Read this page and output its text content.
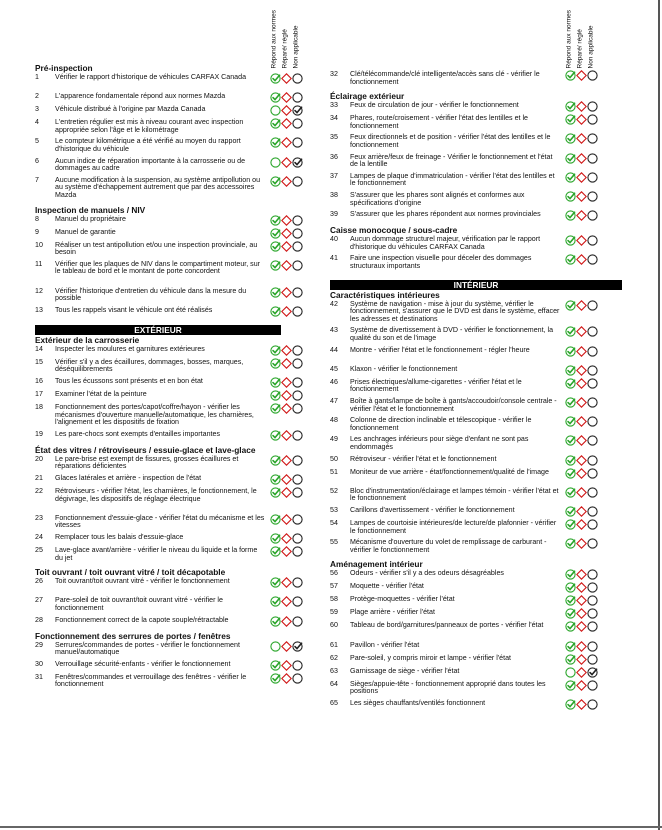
Pré-inspection
1	Vérifier le rapport d'historique de véhicules CARFAX Canada
2	L'apparence fondamentale répond aux normes Mazda
3	Véhicule distribué à l'origine par Mazda Canada
4	L'entretien régulier est mis à niveau courant avec inspection appropriée selon l'âge et le kilométrage
5	Le compteur kilométrique a été vérifié au moyen du rapport d'historique du véhicule
6	Aucun indice de réparation importante à la carrosserie ou de dommages au cadre
7	Aucune modification à la suspension, au système antipollution ou au système d'échappement autrement que par des accessoires Mazda
Inspection de manuels / NIV
8	Manuel du propriétaire
9	Manuel de garantie
10	Réaliser un test antipollution et/ou une inspection provinciale, au besoin
11	Vérifier que les plaques de NIV dans le compartiment moteur, sur le tableau de bord et le montant de porte concordent
12	Vérifier l'historique d'entretien du véhicule dans la mesure du possible
13	Tous les rappels visant le véhicule ont été réalisés
EXTÉRIEUR
Extérieur de la carrosserie
14	Inspecter les moulures et garnitures extérieures
15	Vérifier s'il y a des écaillures, dommages, bosses, marques, déséquilibrements
16	Tous les écussons sont présents et en bon état
17	Examiner l'état de la peinture
18	Fonctionnement des portes/capot/coffre/hayon - vérifier les mécanismes d'ouverture manuelle/automatique, les charnières, l'alignement et les dispositifs de fixation
19	Les pare-chocs sont exempts d'entailles importantes
État des vitres / rétroviseurs / essuie-glace et lave-glace
20	Le pare-brise est exempt de fissures, grosses écaillures et réparations déficientes
21	Glaces latérales et arrière - inspection de l'état
22	Rétroviseurs - vérifier l'état, les charnières, le fonctionnement, le dégivrage, les dispositifs de réglage électrique
23	Fonctionnement d'essuie-glace - vérifier l'état du mécanisme et les vitesses
24	Remplacer tous les balais d'essuie-glace
25	Lave-glace avant/arrière - vérifier le niveau du liquide et la forme du jet
Toit ouvrant / toit ouvrant vitré / toit décapotable
26	Toit ouvrant/toit ouvrant vitré - vérifier le fonctionnement
27	Pare-soleil de toit ouvrant/toit ouvrant vitré - vérifier le fonctionnement
28	Fonctionnement correct de la capote souple/rétractable
Fonctionnement des serrures de portes / fenêtres
29	Serrures/commandes de portes - vérifier le fonctionnement manuel/automatique
30	Verrouillage sécurité-enfants - vérifier le fonctionnement
31	Fenêtres/commandes et verrouillage des fenêtres - vérifier le fonctionnement
32	Clé/télécommande/clé intelligente/accès sans clé - vérifier le fonctionnement
Éclairage extérieur
33	Feux de circulation de jour - vérifier le fonctionnement
34	Phares, route/croisement - vérifier l'état des lentilles et le fonctionnement
35	Feux directionnels et de position - vérifier l'état des lentilles et le fonctionnement
36	Feux arrière/feux de freinage - Vérifier le fonctionnement et l'état de la lentille
37	Lampes de plaque d'immatriculation - vérifier l'état des lentilles et le fonctionnement
38	S'assurer que les phares sont alignés et conformes aux spécifications d'origine
39	S'assurer que les phares répondent aux normes provinciales
Caisse monocoque / sous-cadre
40	Aucun dommage structurel majeur, vérification par le rapport d'historique du véhicules CARFAX Canada
41	Faire une inspection visuelle pour déceler des dommages structuraux importants
INTÉRIEUR
Caractéristiques intérieures
42	Système de navigation - mise à jour du système, vérifier le fonctionnement, s'assurer que le DVD est dans le système, effacer les adresses et destinations
43	Système de divertissement à DVD - vérifier le fonctionnement, la qualité du son et de l'image
44	Montre - vérifier l'état et le fonctionnement - régler l'heure
45	Klaxon - vérifier le fonctionnement
46	Prises électriques/allume-cigarettes - vérifier l'état et le fonctionnement
47	Boîte à gants/lampe de boîte à gants/accoudoir/console centrale - vérifier l'état et le fonctionnement
48	Colonne de direction inclinable et télescopique - vérifier le fonctionnement
49	Les anchrages inférieurs pour siège d'enfant ne sont pas endommagés
50	Rétroviseur - vérifier l'état et le fonctionnement
51	Moniteur de vue arrière - état/fonctionnement/qualité de l'image
52	Bloc d'instrumentation/éclairage et lampes témoin - vérifier l'état et le fonctionnement
53	Carillons d'avertissement - vérifier le fonctionnement
54	Lampes de courtoisie intérieures/de lecture/de plafonnier - vérifier le fonctionnement
55	Mécanisme d'ouverture du volet de remplissage de carburant - vérifier le fonctionnement
Aménagement intérieur
56	Odeurs - vérifier s'il y a des odeurs désagréables
57	Moquette - vérifier l'état
58	Protège-moquettes - vérifier l'état
59	Plage arrière - vérifier l'état
60	Tableau de bord/garnitures/panneaux de portes - vérifier l'état
61	Pavillon - vérifier l'état
62	Pare-soleil, y compris miroir et lampe - vérifier l'état
63	Garnissage de siège - vérifier l'état
64	Sièges/appuie-tête - fonctionnement approprié dans toutes les positions
65	Les sièges chauffants/ventilés fonctionnent
Répond aux normes Réparé/ réglé Non applicable	Répond aux normes Réparé/ réglé Non applicable
